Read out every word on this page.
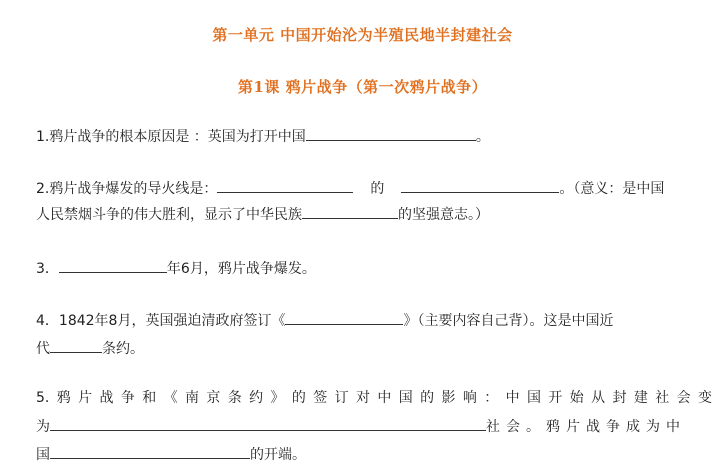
第一单元 中国开始沦为半殖民地半封建社会
第1课 鸦片战争（第一次鸦片战争）
1.鸦片战争的根本原因是 ：英国为打开中国	。
2.鸦片战争爆发的导火线是：	的	。（意义：是中国
人民禁烟斗争的伟大胜利，显示了中华民族	的坚强意志。）
3．	年6月，鸦片战争爆发。
4．1842年8月，英国强迫清政府签订《	》（主要内容自己背）。这是中国近
代	条约。
5.鸦片战争和《南京条约》的签订对中国的影响：中国开始从封建社会变
为	社会。鸦片战争成为中
国	的开端。
